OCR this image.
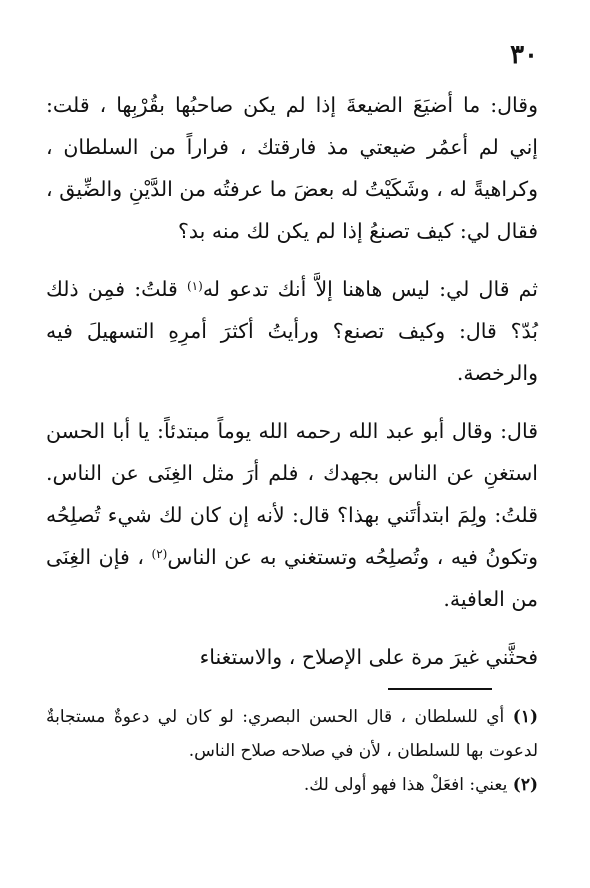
٣٠

وقال: ما أضيَعَ الضيعةَ إذا لم يكن صاحبُها بقُرْبِها ، قلت: إني لم أعمُر ضيعتي مذ فارقتك ، فراراً من السلطان ، وكراهيةً له ، وشَكَيْتُ له بعضَ ما عرفتُه من الدَّيْنِ والضِّيق ، فقال لي: كيف تصنعُ إذا لم يكن لك منه بد؟

ثم قال لي: ليس هاهنا إلاَّ أنك تدعو له$^{(١)}$ قلتُ: فمِن ذلك بُدّ؟ قال: وكيف تصنع؟ ورأيتُ أكثرَ أمرِهِ التسهيلَ فيه والرخصة.

قال: وقال أبو عبد الله رحمه الله يوماً مبتدئاً: يا أبا الحسن استغنِ عن الناس بجهدك ، فلم أرَ مثل الغِنَى عن الناس. قلتُ: ولِمَ ابتدأتَني بهذا؟ قال: لأنه إن كان لك شيء تُصلِحُه وتكونُ فيه ، وتُصلِحُه وتستغني به عن الناس$^{(٢)}$ ، فإن الغِنَى من العافية.

فحثَّني غيرَ مرة على الإصلاح ، والاستغناء

(١) أي للسلطان ، قال الحسن البصري: لو كان لي دعوةٌ مستجابةٌ لدعوت بها للسلطان ، لأن في صلاحه صلاح الناس.

(٢) يعني: افعَلْ هذا فهو أولى لك.
